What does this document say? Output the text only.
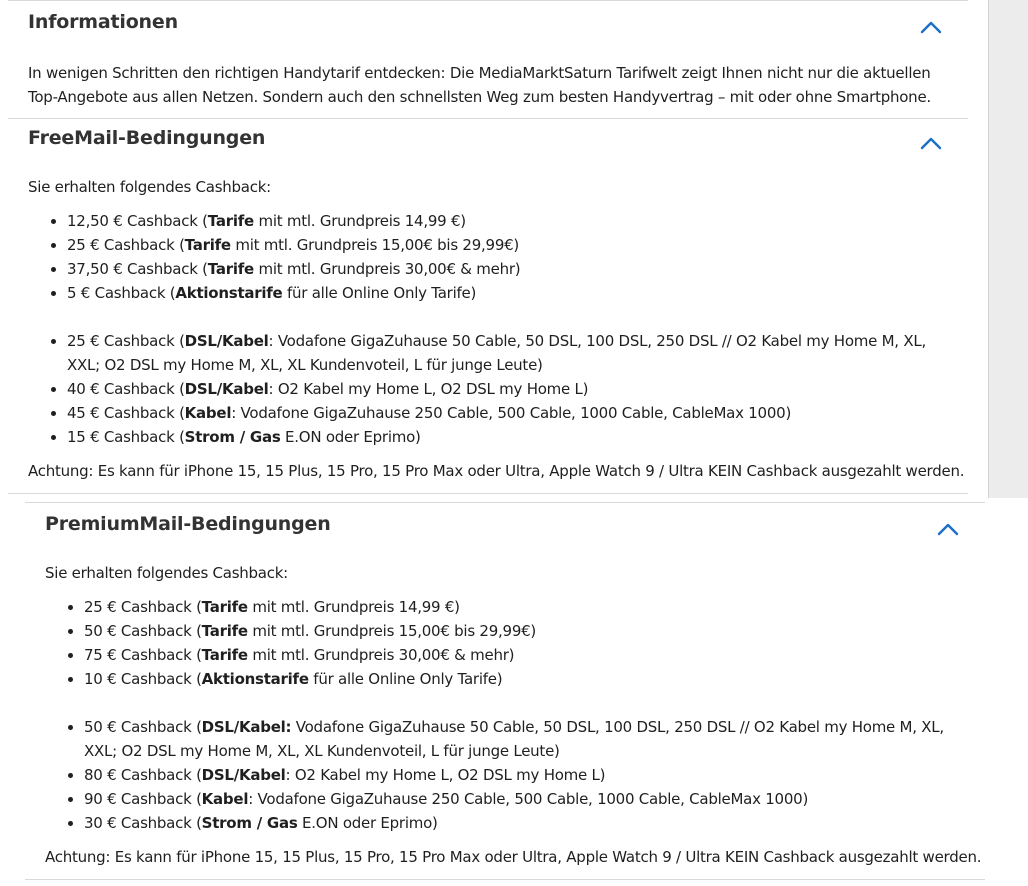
Informationen
In wenigen Schritten den richtigen Handytarif entdecken: Die MediaMarktSaturn Tarifwelt zeigt Ihnen nicht nur die aktuellen Top-Angebote aus allen Netzen. Sondern auch den schnellsten Weg zum besten Handyvertrag – mit oder ohne Smartphone.
FreeMail-Bedingungen
Sie erhalten folgendes Cashback:
• 12,50 € Cashback (Tarife mit mtl. Grundpreis 14,99 €)
• 25 € Cashback (Tarife mit mtl. Grundpreis 15,00€ bis 29,99€)
• 37,50 € Cashback (Tarife mit mtl. Grundpreis 30,00€ & mehr)
• 5 € Cashback (Aktionstarife für alle Online Only Tarife)
• 25 € Cashback (DSL/Kabel: Vodafone GigaZuhause 50 Cable, 50 DSL, 100 DSL, 250 DSL // O2 Kabel my Home M, XL, XXL; O2 DSL my Home M, XL, XL Kundenvoteil, L für junge Leute)
• 40 € Cashback (DSL/Kabel: O2 Kabel my Home L, O2 DSL my Home L)
• 45 € Cashback (Kabel: Vodafone GigaZuhause 250 Cable, 500 Cable, 1000 Cable, CableMax 1000)
• 15 € Cashback (Strom / Gas E.ON oder Eprimo)
Achtung: Es kann für iPhone 15, 15 Plus, 15 Pro, 15 Pro Max oder Ultra, Apple Watch 9 / Ultra KEIN Cashback ausgezahlt werden.
PremiumMail-Bedingungen
Sie erhalten folgendes Cashback:
• 25 € Cashback (Tarife mit mtl. Grundpreis 14,99 €)
• 50 € Cashback (Tarife mit mtl. Grundpreis 15,00€ bis 29,99€)
• 75 € Cashback (Tarife mit mtl. Grundpreis 30,00€ & mehr)
• 10 € Cashback (Aktionstarife für alle Online Only Tarife)
• 50 € Cashback (DSL/Kabel: Vodafone GigaZuhause 50 Cable, 50 DSL, 100 DSL, 250 DSL // O2 Kabel my Home M, XL, XXL; O2 DSL my Home M, XL, XL Kundenvoteil, L für junge Leute)
• 80 € Cashback (DSL/Kabel: O2 Kabel my Home L, O2 DSL my Home L)
• 90 € Cashback (Kabel: Vodafone GigaZuhause 250 Cable, 500 Cable, 1000 Cable, CableMax 1000)
• 30 € Cashback (Strom / Gas E.ON oder Eprimo)
Achtung: Es kann für iPhone 15, 15 Plus, 15 Pro, 15 Pro Max oder Ultra, Apple Watch 9 / Ultra KEIN Cashback ausgezahlt werden.
